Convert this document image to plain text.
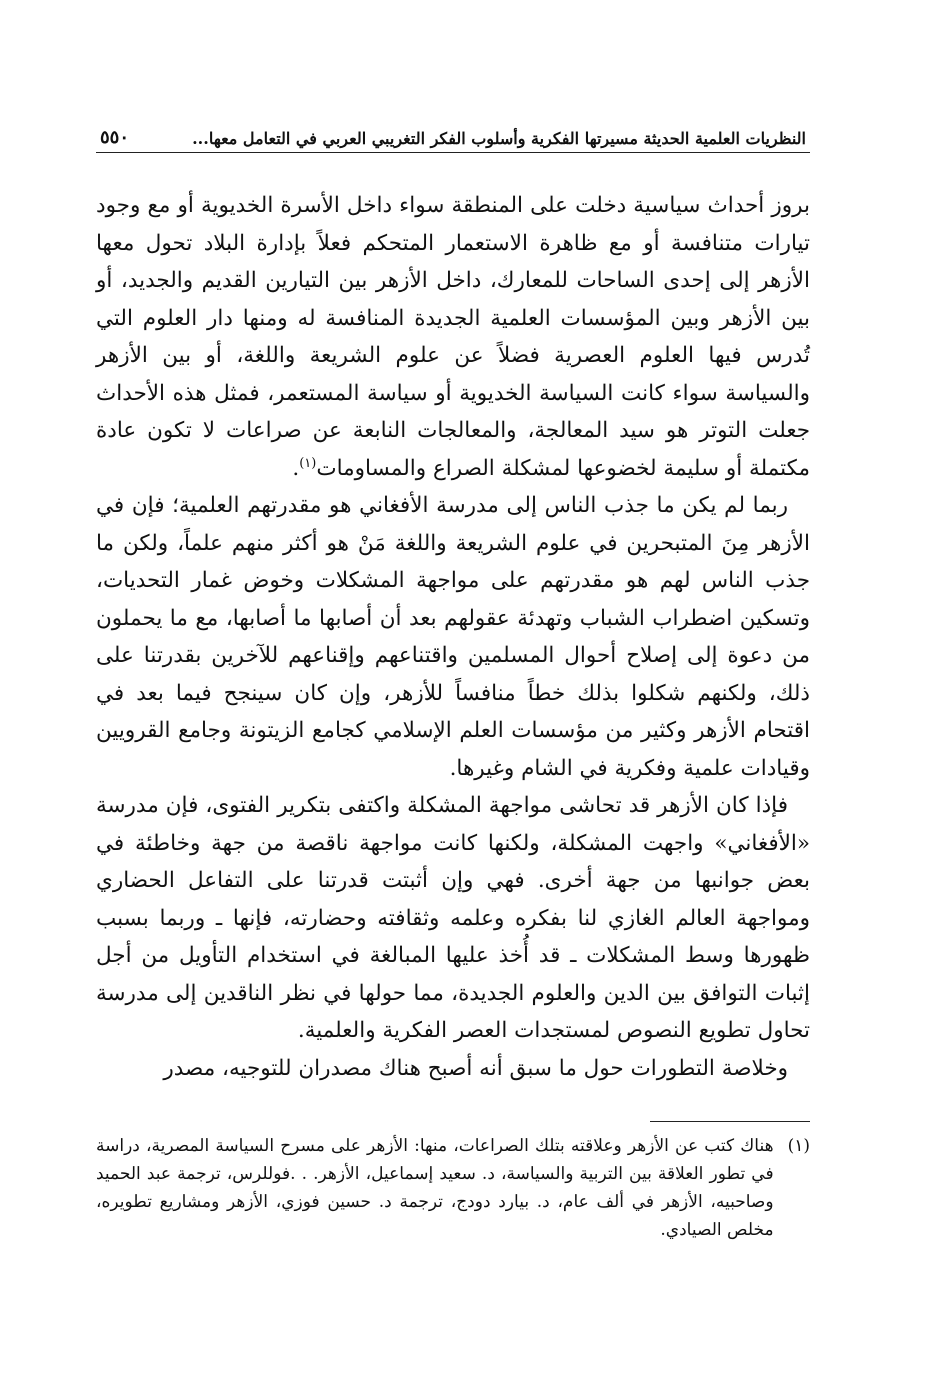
النظريات العلمية الحديثة مسيرتها الفكرية وأسلوب الفكر التغريبي العربي في التعامل معها...
٥٥٠

بروز أحداث سياسية دخلت على المنطقة سواء داخل الأسرة الخديوية أو مع وجود تيارات متنافسة أو مع ظاهرة الاستعمار المتحكم فعلاً بإدارة البلاد تحول معها الأزهر إلى إحدى الساحات للمعارك، داخل الأزهر بين التيارين القديم والجديد، أو بين الأزهر وبين المؤسسات العلمية الجديدة المنافسة له ومنها دار العلوم التي تُدرس فيها العلوم العصرية فضلاً عن علوم الشريعة واللغة، أو بين الأزهر والسياسة سواء كانت السياسة الخديوية أو سياسة المستعمر، فمثل هذه الأحداث جعلت التوتر هو سيد المعالجة، والمعالجات النابعة عن صراعات لا تكون عادة مكتملة أو سليمة لخضوعها لمشكلة الصراع والمساومات$^{(١)}$.

ربما لم يكن ما جذب الناس إلى مدرسة الأفغاني هو مقدرتهم العلمية؛ فإن في الأزهر مِنَ المتبحرين في علوم الشريعة واللغة مَنْ هو أكثر منهم علماً، ولكن ما جذب الناس لهم هو مقدرتهم على مواجهة المشكلات وخوض غمار التحديات، وتسكين اضطراب الشباب وتهدئة عقولهم بعد أن أصابها ما أصابها، مع ما يحملون من دعوة إلى إصلاح أحوال المسلمين واقتناعهم وإقناعهم للآخرين بقدرتنا على ذلك، ولكنهم شكلوا بذلك خطاً منافساً للأزهر، وإن كان سينجح فيما بعد في اقتحام الأزهر وكثير من مؤسسات العلم الإسلامي كجامع الزيتونة وجامع القرويين وقيادات علمية وفكرية في الشام وغيرها.

فإذا كان الأزهر قد تحاشى مواجهة المشكلة واكتفى بتكرير الفتوى، فإن مدرسة «الأفغاني» واجهت المشكلة، ولكنها كانت مواجهة ناقصة من جهة وخاطئة في بعض جوانبها من جهة أخرى. فهي وإن أثبتت قدرتنا على التفاعل الحضاري ومواجهة العالم الغازي لنا بفكره وعلمه وثقافته وحضارته، فإنها ـ وربما بسبب ظهورها وسط المشكلات ـ قد أُخذ عليها المبالغة في استخدام التأويل من أجل إثبات التوافق بين الدين والعلوم الجديدة، مما حولها في نظر الناقدين إلى مدرسة تحاول تطويع النصوص لمستجدات العصر الفكرية والعلمية.

وخلاصة التطورات حول ما سبق أنه أصبح هناك مصدران للتوجيه، مصدر

(١)
هناك كتب عن الأزهر وعلاقته بتلك الصراعات، منها: الأزهر على مسرح السياسة المصرية، دراسة في تطور العلاقة بين التربية والسياسة، د. سعيد إسماعيل، الأزهر. . .فوللرس، ترجمة عبد الحميد وصاحبيه، الأزهر في ألف عام، د. بيارد دودج، ترجمة د. حسين فوزي، الأزهر ومشاريع تطويره، مخلص الصيادي.
